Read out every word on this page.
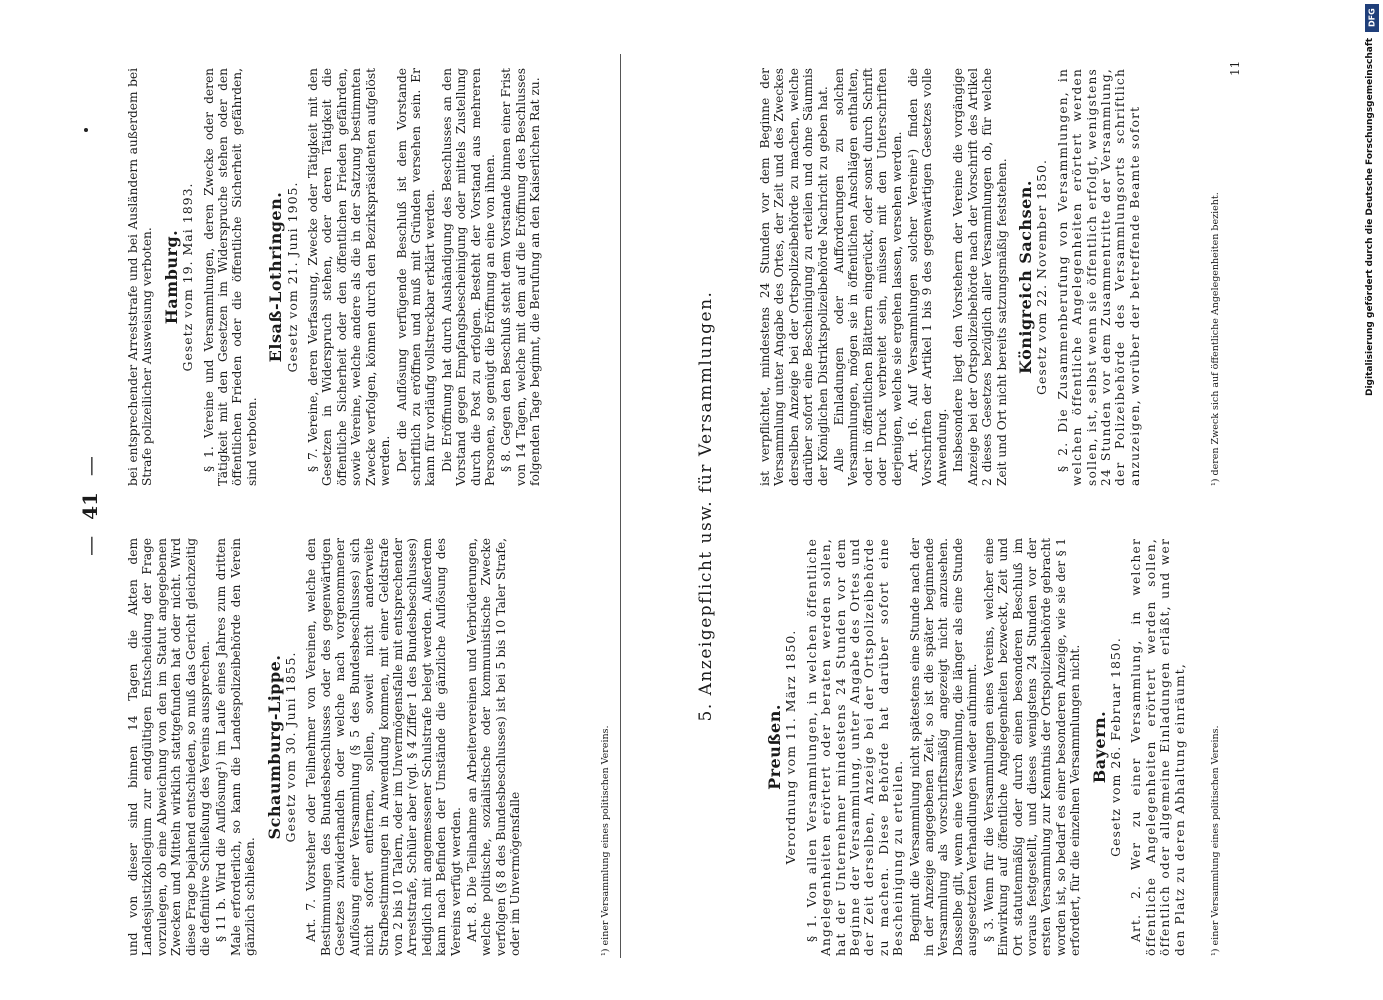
—41—

und von dieser sind binnen 14 Tagen die Akten dem Landesjustizkollegium zur endgültigen Entscheidung der Frage vorzulegen, ob eine Abweichung von den im Statut angegebenen Zwecken und Mitteln wirklich stattgefunden hat oder nicht. Wird diese Frage bejahend entschieden, so muß das Gericht gleichzeitig die definitive Schließung des Vereins aussprechen. § 11 b. Wird die Auflösung¹) im Laufe eines Jahres zum dritten Male erforderlich, so kann die Landespolizeibehörde den Verein gänzlich schließen.

Schaumburg-Lippe. Gesetz vom 30. Juni 1855. Art. 7. Vorsteher oder Teilnehmer von Vereinen, welche den Bestimmungen des Bundesbeschlusses oder des gegenwärtigen Gesetzes zuwiderhandeln oder welche nach vorgenommener Auflösung einer Versammlung (§ 5 des Bundesbeschlusses) sich nicht sofort entfernen, sollen, soweit nicht anderweite Strafbestimmungen in Anwendung kommen, mit einer Geldstrafe von 2 bis 10 Talern, oder im Unvermögensfalle mit entsprechender Arreststrafe, Schüler aber (vgl. § 4 Ziffer 1 des Bundesbeschlusses) lediglich mit angemessener Schulstrafe belegt werden. Außerdem kann nach Befinden der Umstände die gänzliche Auflösung des Vereins verfügt werden. Art. 8. Die Teilnahme an Arbeitervereinen und Verbrüderungen, welche politische, sozialistische oder kommunistische Zwecke verfolgen (§ 8 des Bundesbeschlusses) ist bei 5 bis 10 Taler Strafe, oder im Unvermögensfalle

bei entsprechender Arreststrafe und bei Ausländern außerdem bei Strafe polizeilicher Ausweisung verboten. Hamburg. Gesetz vom 19. Mai 1893. § 1. Vereine und Versammlungen, deren Zwecke oder deren Tätigkeit mit den Gesetzen im Widerspruche stehen oder den öffentlichen Frieden oder die öffentliche Sicherheit gefährden, sind verboten.

Elsaß-Lothringen. Gesetz vom 21. Juni 1905. § 7. Vereine, deren Verfassung, Zwecke oder Tätigkeit mit den Gesetzen in Widerspruch stehen, oder deren Tätigkeit die öffentliche Sicherheit oder den öffentlichen Frieden gefährden, sowie Vereine, welche andere als die in der Satzung bestimmten Zwecke verfolgen, können durch den Bezirkspräsidenten aufgelöst werden. Der die Auflösung verfügende Beschluß ist dem Vorstande schriftlich zu eröffnen und muß mit Gründen versehen sein. Er kann für vorläufig vollstreckbar erklärt werden. Die Eröffnung hat durch Aushändigung des Beschlusses an den Vorstand gegen Empfangsbescheinigung oder mittels Zustellung durch die Post zu erfolgen. Besteht der Vorstand aus mehreren Personen, so genügt die Eröffnung an eine von ihnen. § 8. Gegen den Beschluß steht dem Vorstande binnen einer Frist von 14 Tagen, welche mit dem auf die Eröffnung des Beschlusses folgenden Tage beginnt, die Berufung an den Kaiserlichen Rat zu.

¹) einer Versammlung eines politischen Vereins.
5. Anzeigepflicht usw. für Versammlungen.
Preußen. Verordnung vom 11. März 1850. § 1. Von allen Versammlungen, in welchen öffentliche Angelegenheiten erörtert oder beraten werden sollen, hat der Unternehmer mindestens 24 Stunden vor dem Beginne der Versammlung, unter Angabe des Ortes und der Zeit derselben, Anzeige bei der Ortspolizeibehörde zu machen. Diese Behörde hat darüber sofort eine Bescheinigung zu erteilen. Beginnt die Versammlung nicht spätestens eine Stunde nach der in der Anzeige angegebenen Zeit, so ist die später beginnende Versammlung als vorschriftsmäßig angezeigt nicht anzusehen. Dasselbe gilt, wenn eine Versammlung, die länger als eine Stunde ausgesetzten Verhandlungen wieder aufnimmt. § 3. Wenn für die Versammlungen eines Vereins, welcher eine Einwirkung auf öffentliche Angelegenheiten bezweckt, Zeit und Ort statutenmäßig oder durch einen besonderen Beschluß im voraus festgestellt, und dieses wenigstens 24 Stunden vor der ersten Versammlung zur Kenntnis der Ortspolizeibehörde gebracht worden ist, so bedarf es einer besonderen Anzeige, wie sie der § 1 erfordert, für die einzelnen Versammlungen nicht. Bayern. Gesetz vom 26. Februar 1850. Art. 2. Wer zu einer Versammlung, in welcher öffentliche Angelegenheiten erörtert werden sollen, öffentlich oder allgemeine Einladungen erläßt, und wer den Platz zu deren Abhaltung einräumt,

ist verpflichtet, mindestens 24 Stunden vor dem Beginne der Versammlung unter Angabe des Ortes, der Zeit und des Zweckes derselben Anzeige bei der Ortspolizeibehörde zu machen, welche darüber sofort eine Bescheinigung zu erteilen und ohne Säumnis der Königlichen Distriktspolizeibehörde Nachricht zu geben hat. Alle Einladungen oder Aufforderungen zu solchen Versammlungen, mögen sie in öffentlichen Anschlägen enthalten, oder in öffentlichen Blättern eingerückt, oder sonst durch Schrift oder Druck verbreitet sein, müssen mit den Unterschriften derjenigen, welche sie ergehen lassen, versehen werden. Art. 16. Auf Versammlungen solcher Vereine¹) finden die Vorschriften der Artikel 1 bis 9 des gegenwärtigen Gesetzes volle Anwendung. Insbesondere liegt den Vorstehern der Vereine die vorgängige Anzeige bei der Ortspolizeibehörde nach der Vorschrift des Artikel 2 dieses Gesetzes bezüglich aller Versammlungen ob, für welche Zeit und Ort nicht bereits satzungsmäßig feststehen. Königreich Sachsen. Gesetz vom 22. November 1850. § 2. Die Zusammenberufung von Versammlungen, in welchen öffentliche Angelegenheiten erörtert werden sollen, ist, selbst wenn sie öffentlich erfolgt, wenigstens 24 Stunden vor dem Zusammentritte der Versammlung, der Polizeibehörde des Versammlungsorts schriftlich anzuzeigen, worüber der betreffende Beamte sofort

¹) einer Versammlung eines politischen Vereins.
¹) deren Zweck sich auf öffentliche Angelegenheiten bezieht.
11
DFG
Digitalisierung gefördert durch die Deutsche Forschungsgemeinschaft
